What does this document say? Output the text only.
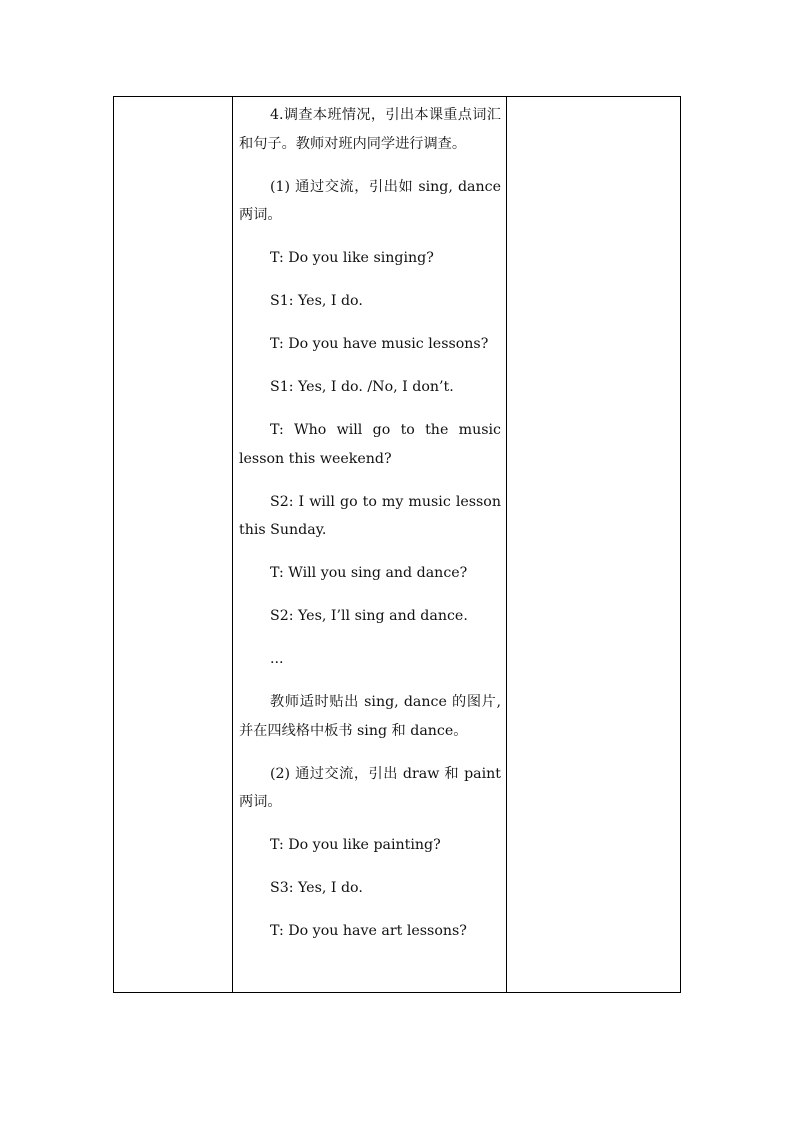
4.调查本班情况，引出本课重点词汇和句子。教师对班内同学进行调查。

(1) 通过交流，引出如 sing, dance 两词。

T: Do you like singing?

S1: Yes, I do.

T: Do you have music lessons?

S1: Yes, I do. /No, I don’t.

T: Who will go to the music lesson this weekend?

S2: I will go to my music lesson this Sunday.

T: Will you sing and dance?

S2: Yes, I’ll sing and dance.

...

教师适时贴出 sing, dance 的图片,并在四线格中板书 sing 和 dance。

(2) 通过交流，引出 draw 和 paint 两词。

T: Do you like painting?

S3: Yes, I do.

T: Do you have art lessons?
